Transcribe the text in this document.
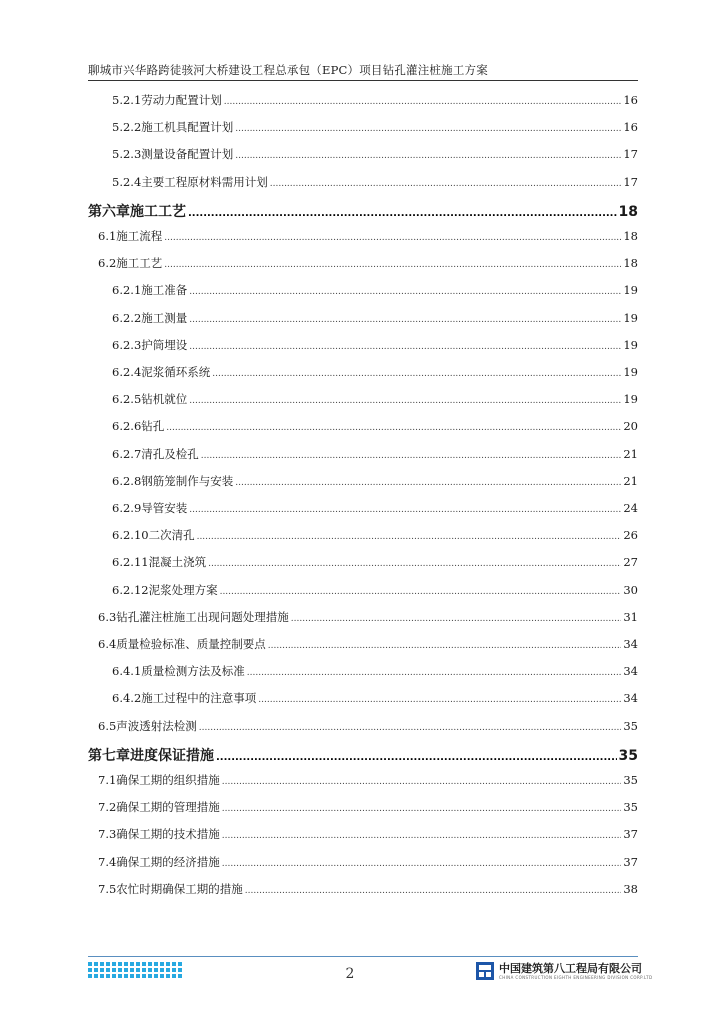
聊城市兴华路跨徒骇河大桥建设工程总承包（EPC）项目钻孔灌注桩施工方案
5.2.1劳动力配置计划 .....	16
5.2.2施工机具配置计划 .....	16
5.2.3测量设备配置计划 .....	17
5.2.4主要工程原材料需用计划 .....	17
第六章施工工艺 .....	18
6.1施工流程 .....	18
6.2施工工艺 .....	18
6.2.1施工准备 .....	19
6.2.2施工测量 .....	19
6.2.3护筒埋设 .....	19
6.2.4泥浆循环系统 .....	19
6.2.5钻机就位 .....	19
6.2.6钻孔 .....	20
6.2.7清孔及检孔 .....	21
6.2.8钢筋笼制作与安装 .....	21
6.2.9导管安装 .....	24
6.2.10二次清孔 .....	26
6.2.11混凝土浇筑 .....	27
6.2.12泥浆处理方案 .....	30
6.3钻孔灌注桩施工出现问题处理措施 .....	31
6.4质量检验标准、质量控制要点 .....	34
6.4.1质量检测方法及标准 .....	34
6.4.2施工过程中的注意事项 .....	34
6.5声波透射法检测 .....	35
第七章进度保证措施 .....	35
7.1确保工期的组织措施 .....	35
7.2确保工期的管理措施 .....	35
7.3确保工期的技术措施 .....	37
7.4确保工期的经济措施 .....	37
7.5农忙时期确保工期的措施 .....	38
2	中国建筑第八工程局有限公司
CHINA CONSTRUCTION EIGHTH ENGINEERING DIVISION CORP.LTD
